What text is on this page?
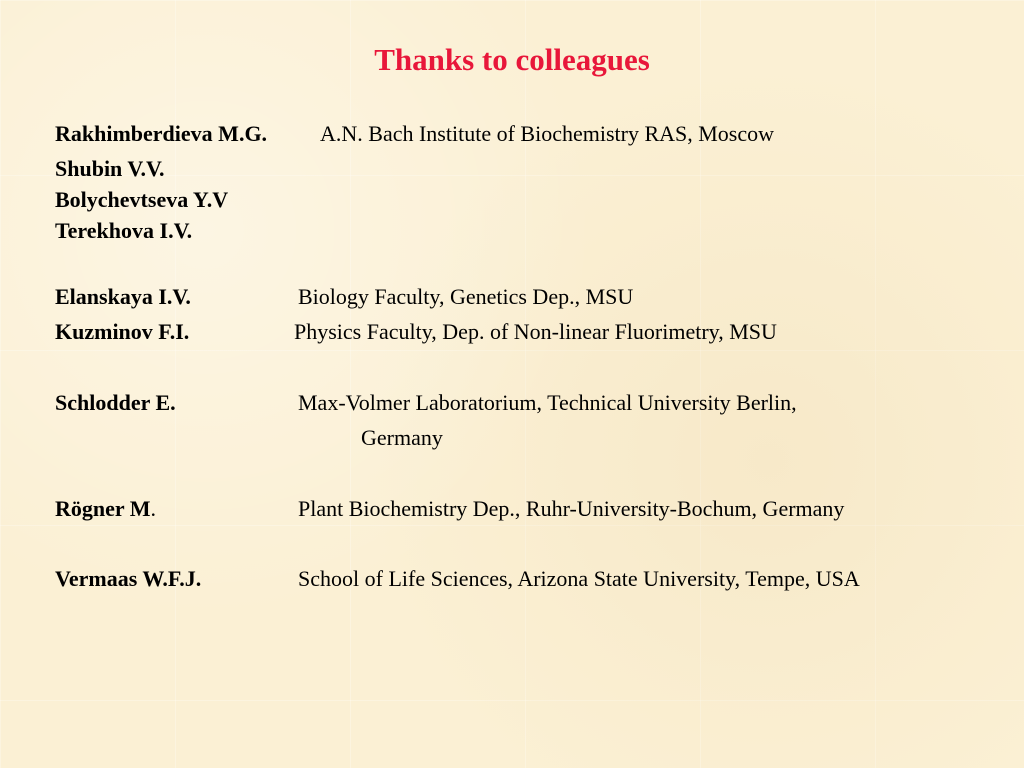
Thanks to colleagues
Rakhimberdieva M.G. A.N. Bach Institute of Biochemistry RAS, Moscow
Shubin V.V.
Bolychevtseva Y.V
Terekhova I.V.
Elanskaya I.V.	Biology Faculty, Genetics Dep., MSU
Kuzminov F.I.	Physics Faculty, Dep. of Non-linear Fluorimetry, MSU
Schlodder E.	Max-Volmer Laboratorium, Technical University Berlin,
Germany
Rögner M.	Plant Biochemistry Dep., Ruhr-University-Bochum, Germany
Vermaas W.F.J.	School of Life Sciences, Arizona State University, Tempe, USA
